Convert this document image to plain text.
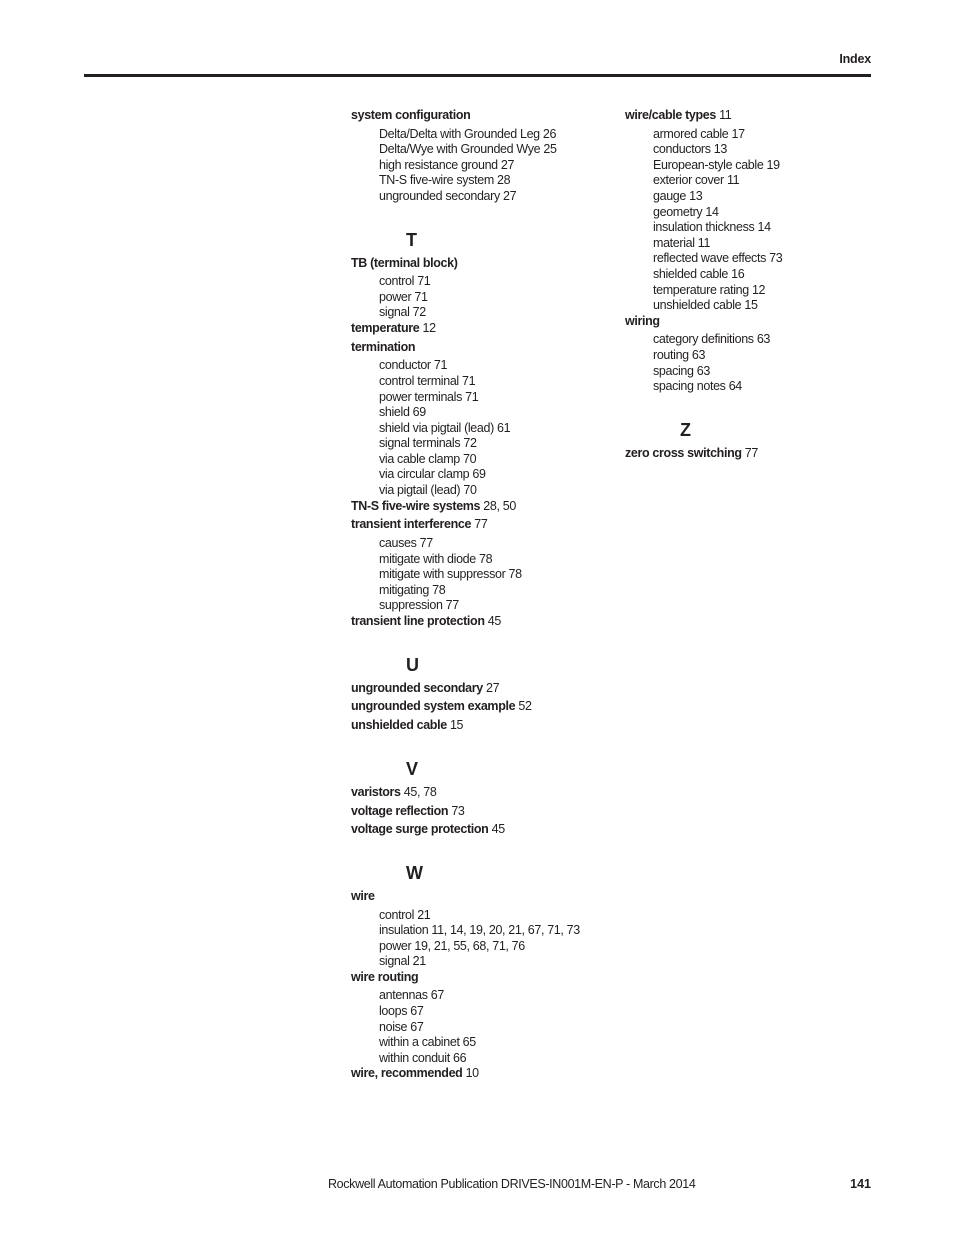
Index
system configuration
Delta/Delta with Grounded Leg 26
Delta/Wye with Grounded Wye 25
high resistance ground 27
TN-S five-wire system 28
ungrounded secondary 27
T
TB (terminal block)
control 71
power 71
signal 72
temperature 12
termination
conductor 71
control terminal 71
power terminals 71
shield 69
shield via pigtail (lead) 61
signal terminals 72
via cable clamp 70
via circular clamp 69
via pigtail (lead) 70
TN-S five-wire systems 28, 50
transient interference 77
causes 77
mitigate with diode 78
mitigate with suppressor 78
mitigating 78
suppression 77
transient line protection 45
U
ungrounded secondary 27
ungrounded system example 52
unshielded cable 15
V
varistors 45, 78
voltage reflection 73
voltage surge protection 45
W
wire
control 21
insulation 11, 14, 19, 20, 21, 67, 71, 73
power 19, 21, 55, 68, 71, 76
signal 21
wire routing
antennas 67
loops 67
noise 67
within a cabinet 65
within conduit 66
wire, recommended 10
wire/cable types 11
armored cable 17
conductors 13
European-style cable 19
exterior cover 11
gauge 13
geometry 14
insulation thickness 14
material 11
reflected wave effects 73
shielded cable 16
temperature rating 12
unshielded cable 15
wiring
category definitions 63
routing 63
spacing 63
spacing notes 64
Z
zero cross switching 77
Rockwell Automation Publication DRIVES-IN001M-EN-P - March 2014	141
